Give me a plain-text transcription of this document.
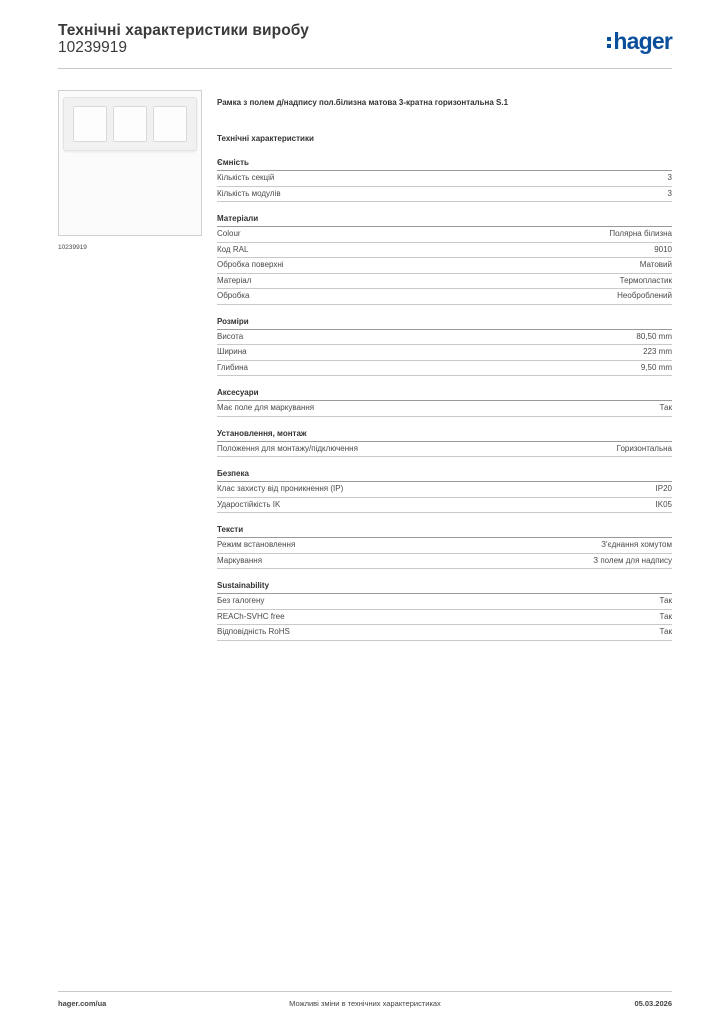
Технічні характеристики виробу
10239919	hager
10239919
Рамка з полем д/надпису пол.білизна матова 3-кратна горизонтальна S.1
Технічні характеристики
Ємність
Кількість секцій	3
Кількість модулів	3
Матеріали
Colour	Полярна білизна
Код RAL	9010
Обробка поверхні	Матовий
Матеріал	Термопластик
Обробка	Необроблений
Розміри
Висота	80,50 mm
Ширина	223 mm
Глибина	9,50 mm
Аксесуари
Має поле для маркування	Так
Установлення, монтаж
Положення для монтажу/підключення	Горизонтальна
Безпека
Клас захисту від проникнення (IP)	IP20
Ударостійкість IK	IK05
Тексти
Режим встановлення	З'єднання хомутом
Маркування	З полем для надпису
Sustainability
Без галогену	Так
REACh-SVHC free	Так
Відповідність RoHS	Так
hager.com/ua	Можливі зміни в технічних характеристиках	05.03.2026
